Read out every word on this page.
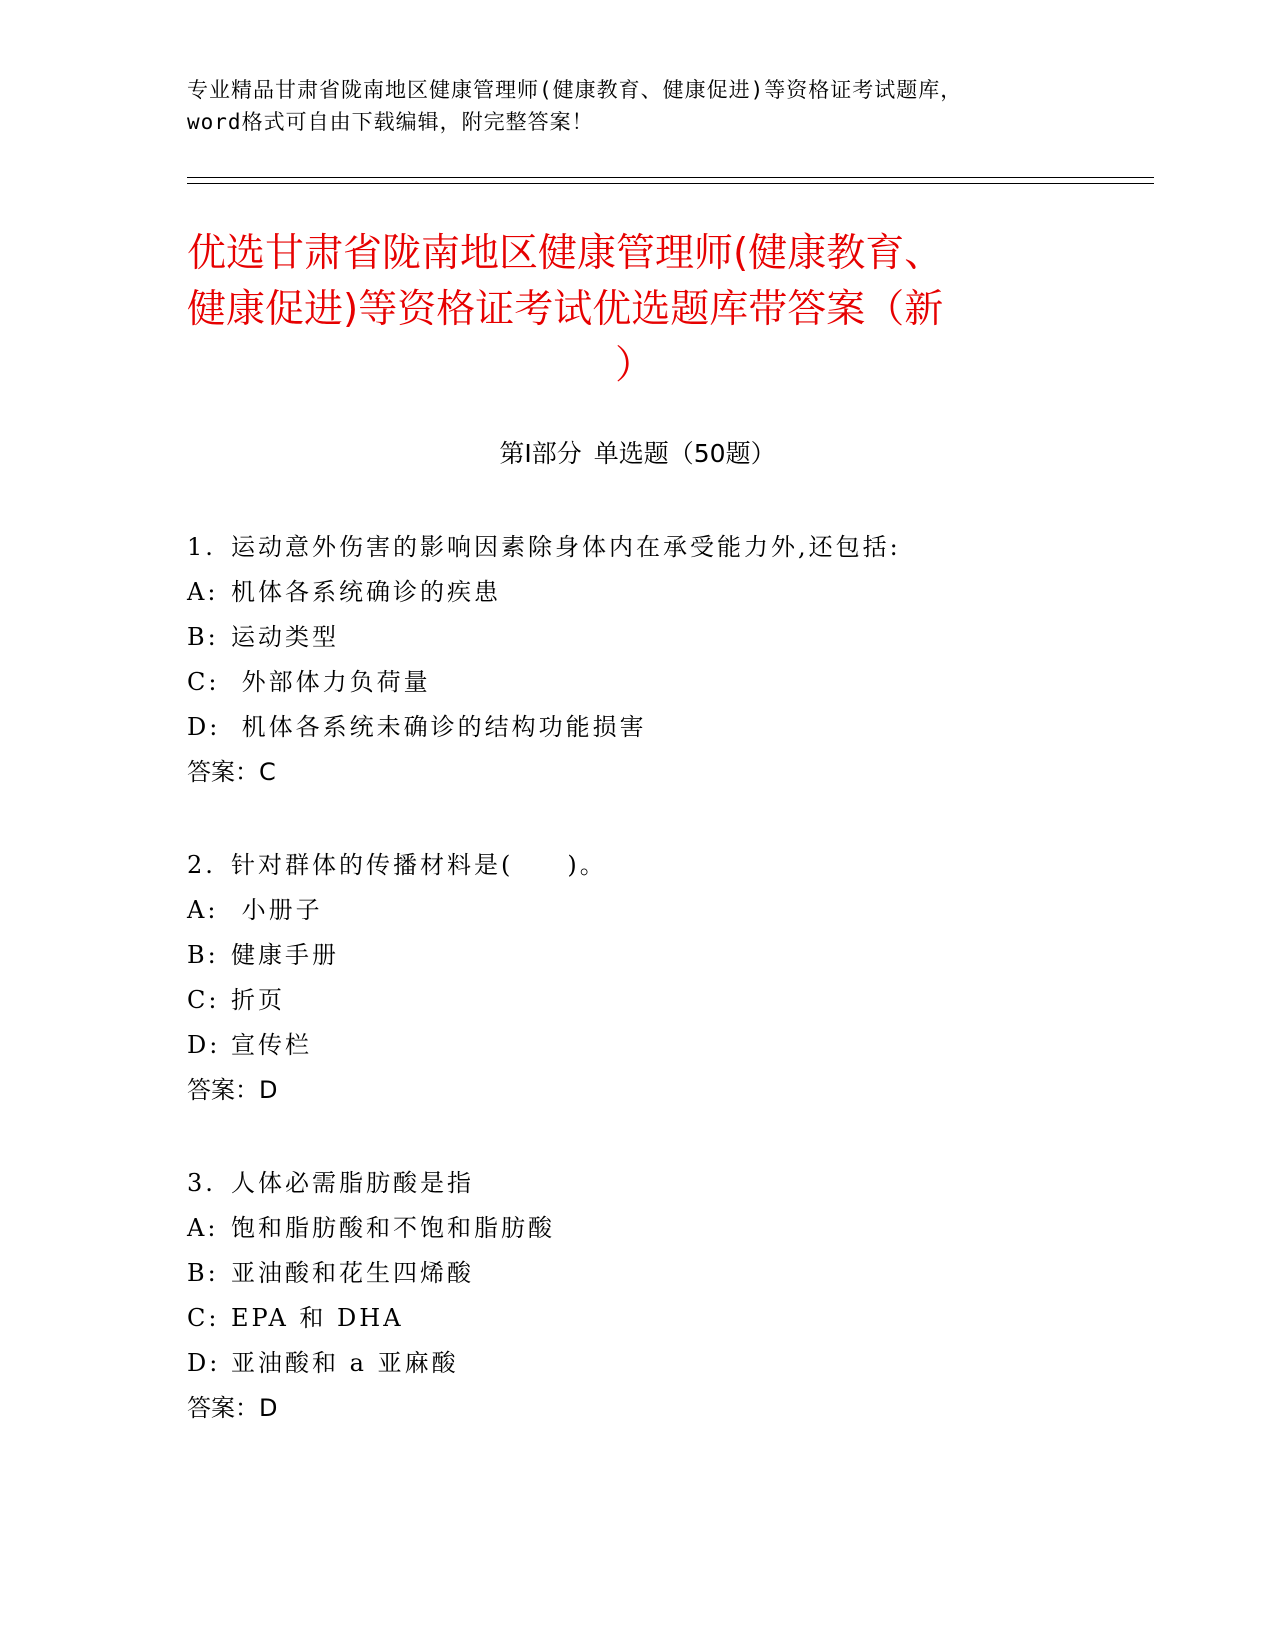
专业精品甘肃省陇南地区健康管理师(健康教育、健康促进)等资格证考试题库，
word格式可自由下载编辑，附完整答案！
优选甘肃省陇南地区健康管理师(健康教育、
健康促进)等资格证考试优选题库带答案（新
）
第Ⅰ部分 单选题（50题）
1. 运动意外伤害的影响因素除身体内在承受能力外,还包括:
A: 机体各系统确诊的疾患
B: 运动类型
C: 外部体力负荷量
D: 机体各系统未确诊的结构功能损害
答案：C
2. 针对群体的传播材料是(　　)。
A: 小册子
B: 健康手册
C: 折页
D: 宣传栏
答案：D
3. 人体必需脂肪酸是指
A: 饱和脂肪酸和不饱和脂肪酸
B: 亚油酸和花生四烯酸
C: EPA 和 DHA
D: 亚油酸和 a 亚麻酸
答案：D
